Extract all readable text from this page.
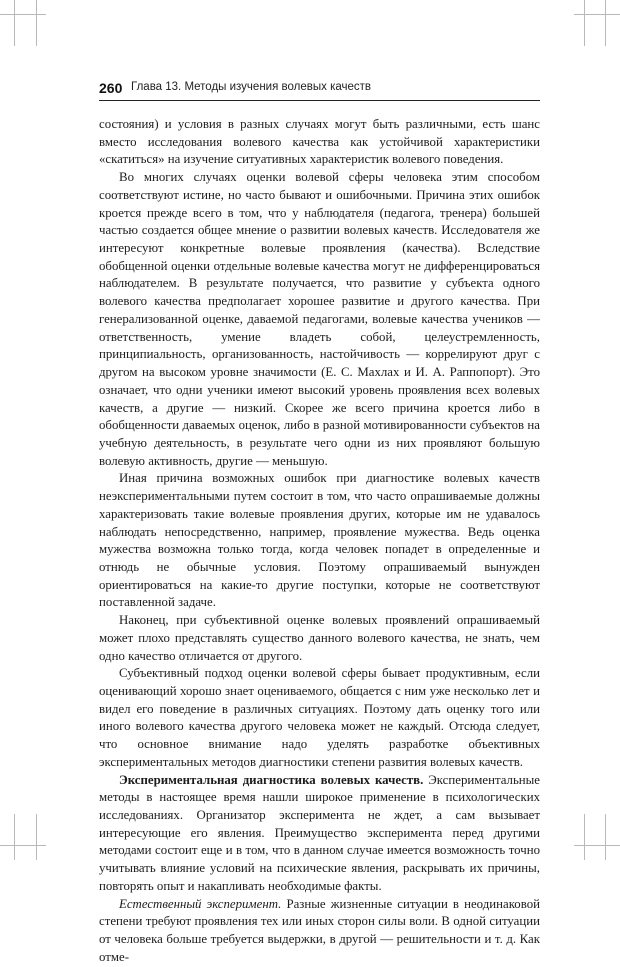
260 Глава 13. Методы изучения волевых качеств

состояния) и условия в разных случаях могут быть различными, есть шанс вместо исследования волевого качества как устойчивой характеристики «скатиться» на изучение ситуативных характеристик волевого поведения.

Во многих случаях оценки волевой сферы человека этим способом соответствуют истине, но часто бывают и ошибочными. Причина этих ошибок кроется прежде всего в том, что у наблюдателя (педагога, тренера) большей частью создается общее мнение о развитии волевых качеств. Исследователя же интересуют конкретные волевые проявления (качества). Вследствие обобщенной оценки отдельные волевые качества могут не дифференцироваться наблюдателем. В результате получается, что развитие у субъекта одного волевого качества предполагает хорошее развитие и другого качества. При генерализованной оценке, даваемой педагогами, волевые качества учеников — ответственность, умение владеть собой, целеустремленность, принципиальность, организованность, настойчивость — коррелируют друг с другом на высоком уровне значимости (Е. С. Махлах и И. А. Раппопорт). Это означает, что одни ученики имеют высокий уровень проявления всех волевых качеств, а другие — низкий. Скорее же всего причина кроется либо в обобщенности даваемых оценок, либо в разной мотивированности субъектов на учебную деятельность, в результате чего одни из них проявляют большую волевую активность, другие — меньшую.

Иная причина возможных ошибок при диагностике волевых качеств неэкспериментальными путем состоит в том, что часто опрашиваемые должны характеризовать такие волевые проявления других, которые им не удавалось наблюдать непосредственно, например, проявление мужества. Ведь оценка мужества возможна только тогда, когда человек попадет в определенные и отнюдь не обычные условия. Поэтому опрашиваемый вынужден ориентироваться на какие-то другие поступки, которые не соответствуют поставленной задаче.

Наконец, при субъективной оценке волевых проявлений опрашиваемый может плохо представлять существо данного волевого качества, не знать, чем одно качество отличается от другого.

Субъективный подход оценки волевой сферы бывает продуктивным, если оценивающий хорошо знает оцениваемого, общается с ним уже несколько лет и видел его поведение в различных ситуациях. Поэтому дать оценку того или иного волевого качества другого человека может не каждый. Отсюда следует, что основное внимание надо уделять разработке объективных экспериментальных методов диагностики степени развития волевых качеств.

Экспериментальная диагностика волевых качеств. Экспериментальные методы в настоящее время нашли широкое применение в психологических исследованиях. Организатор эксперимента не ждет, а сам вызывает интересующие его явления. Преимущество эксперимента перед другими методами состоит еще и в том, что в данном случае имеется возможность точно учитывать влияние условий на психические явления, раскрывать их причины, повторять опыт и накапливать необходимые факты.

Естественный эксперимент. Разные жизненные ситуации в неодинаковой степени требуют проявления тех или иных сторон силы воли. В одной ситуации от человека больше требуется выдержки, в другой — решительности и т. д. Как отме-
